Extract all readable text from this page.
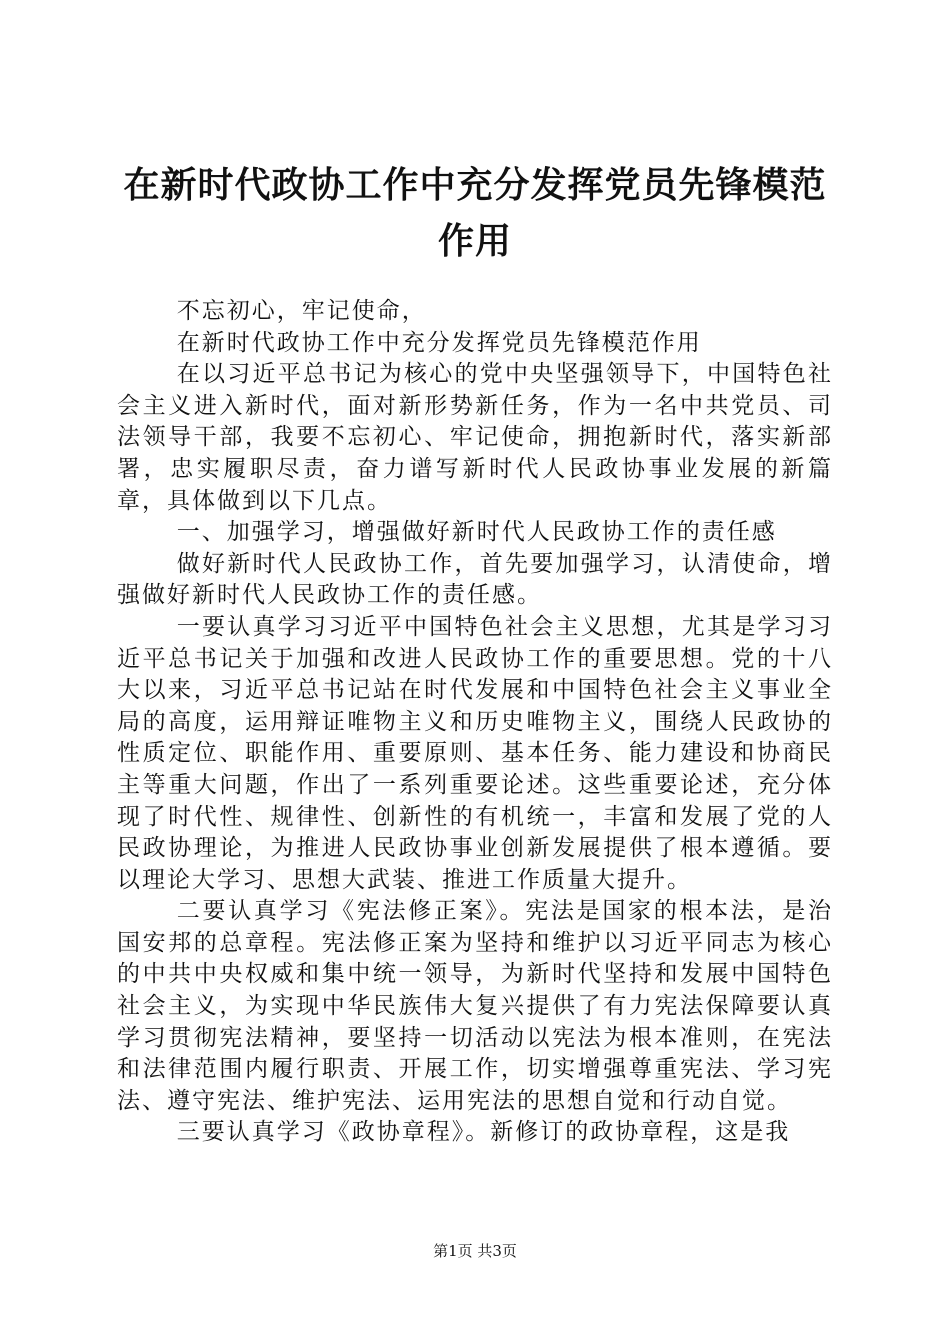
在新时代政协工作中充分发挥党员先锋模范作用

不忘初心，牢记使命，

在新时代政协工作中充分发挥党员先锋模范作用

在以习近平总书记为核心的党中央坚强领导下，中国特色社会主义进入新时代，面对新形势新任务，作为一名中共党员、司法领导干部，我要不忘初心、牢记使命，拥抱新时代，落实新部署，忠实履职尽责，奋力谱写新时代人民政协事业发展的新篇章，具体做到以下几点。

一、加强学习，增强做好新时代人民政协工作的责任感

做好新时代人民政协工作，首先要加强学习，认清使命，增强做好新时代人民政协工作的责任感。

一要认真学习习近平中国特色社会主义思想，尤其是学习习近平总书记关于加强和改进人民政协工作的重要思想。党的十八大以来，习近平总书记站在时代发展和中国特色社会主义事业全局的高度，运用辩证唯物主义和历史唯物主义，围绕人民政协的性质定位、职能作用、重要原则、基本任务、能力建设和协商民主等重大问题，作出了一系列重要论述。这些重要论述，充分体现了时代性、规律性、创新性的有机统一，丰富和发展了党的人民政协理论，为推进人民政协事业创新发展提供了根本遵循。要以理论大学习、思想大武装、推进工作质量大提升。

二要认真学习《宪法修正案》。宪法是国家的根本法，是治国安邦的总章程。宪法修正案为坚持和维护以习近平同志为核心的中共中央权威和集中统一领导，为新时代坚持和发展中国特色社会主义，为实现中华民族伟大复兴提供了有力宪法保障要认真学习贯彻宪法精神，要坚持一切活动以宪法为根本准则，在宪法和法律范围内履行职责、开展工作，切实增强尊重宪法、学习宪法、遵守宪法、维护宪法、运用宪法的思想自觉和行动自觉。

三要认真学习《政协章程》。新修订的政协章程，这是我

第1页 共3页
